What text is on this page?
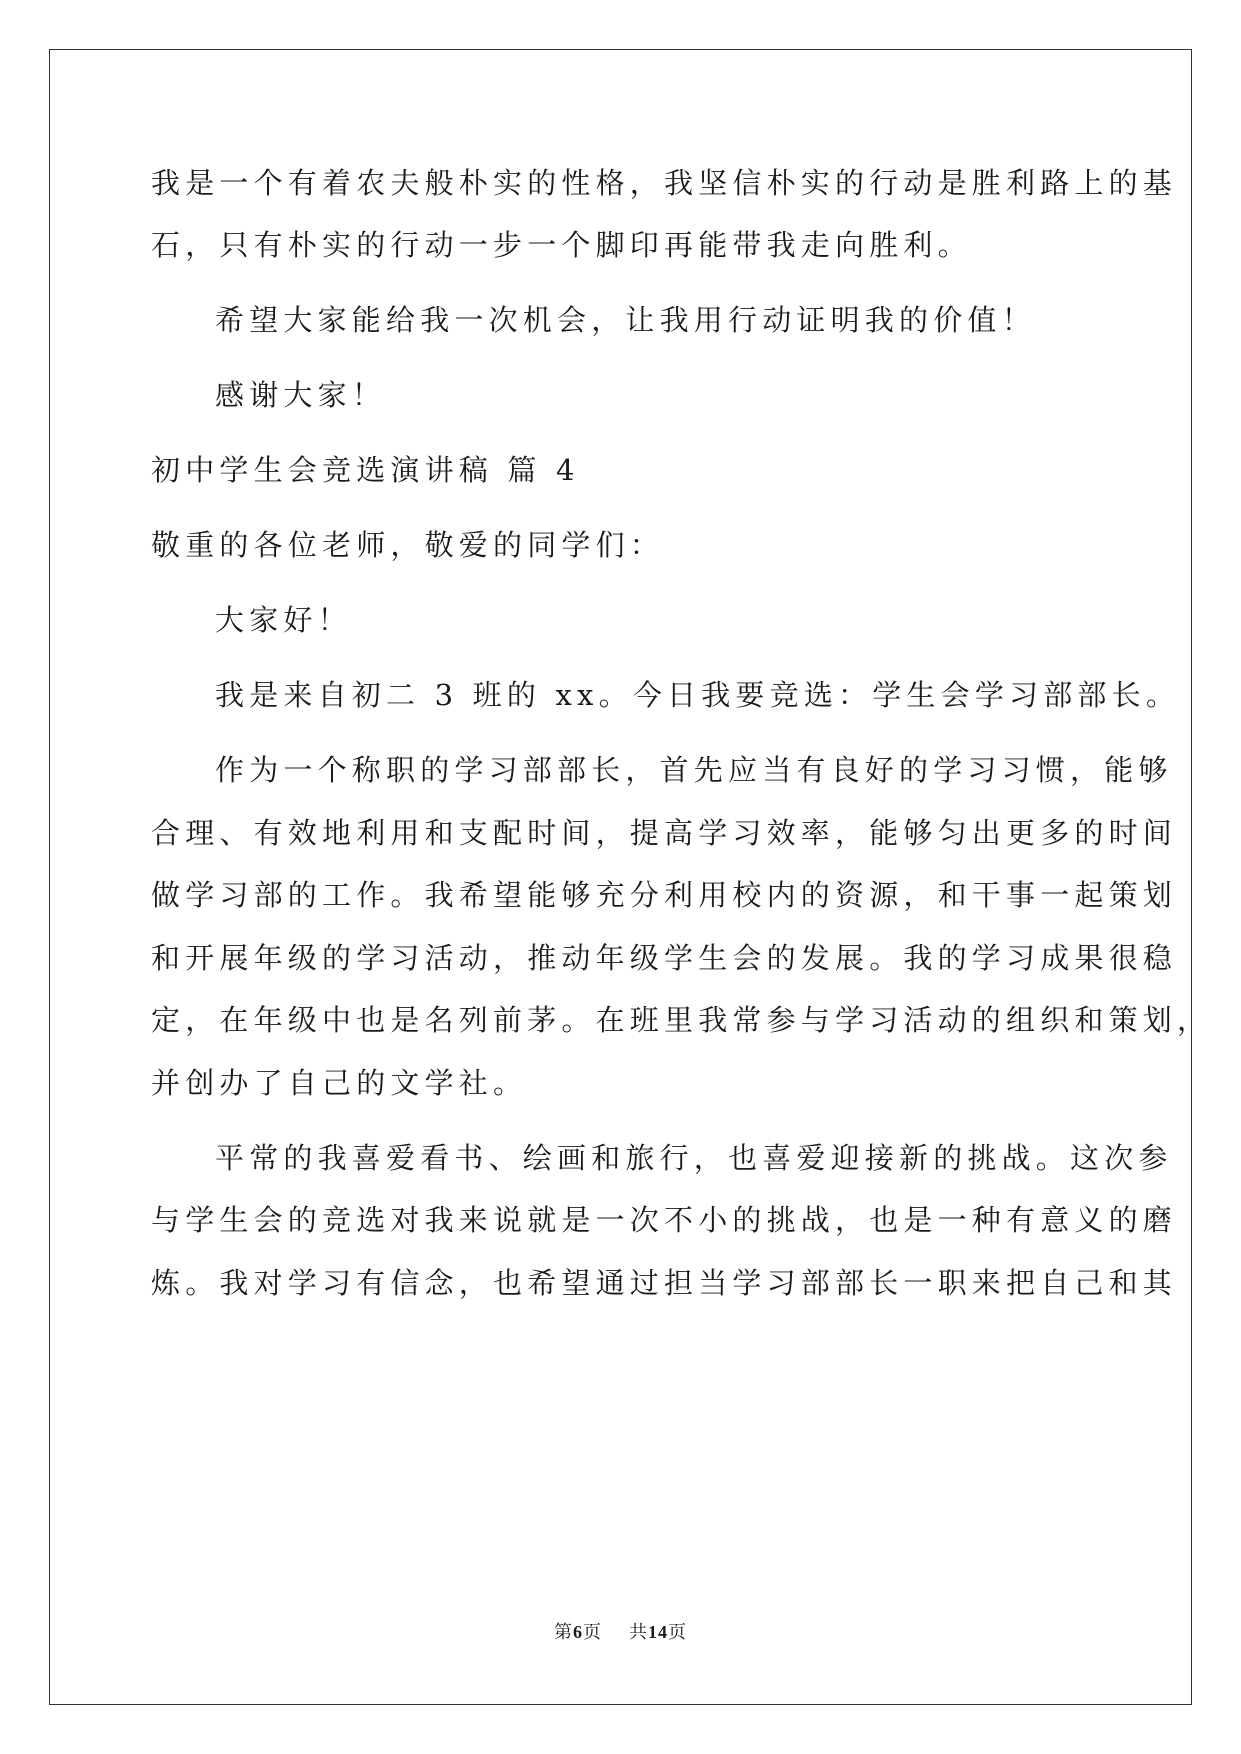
我是一个有着农夫般朴实的性格，我坚信朴实的行动是胜利路上的基
石，只有朴实的行动一步一个脚印再能带我走向胜利。
希望大家能给我一次机会，让我用行动证明我的价值！
感谢大家！
初中学生会竞选演讲稿 篇 4
敬重的各位老师，敬爱的同学们：
大家好！
我是来自初二 3 班的 xx。今日我要竞选：学生会学习部部长。
作为一个称职的学习部部长，首先应当有良好的学习习惯，能够
合理、有效地利用和支配时间，提高学习效率，能够匀出更多的时间
做学习部的工作。我希望能够充分利用校内的资源，和干事一起策划
和开展年级的学习活动，推动年级学生会的发展。我的学习成果很稳
定，在年级中也是名列前茅。在班里我常参与学习活动的组织和策划，
并创办了自己的文学社。
平常的我喜爱看书、绘画和旅行，也喜爱迎接新的挑战。这次参
与学生会的竞选对我来说就是一次不小的挑战，也是一种有意义的磨
炼。我对学习有信念，也希望通过担当学习部部长一职来把自己和其
第6页 共14页
